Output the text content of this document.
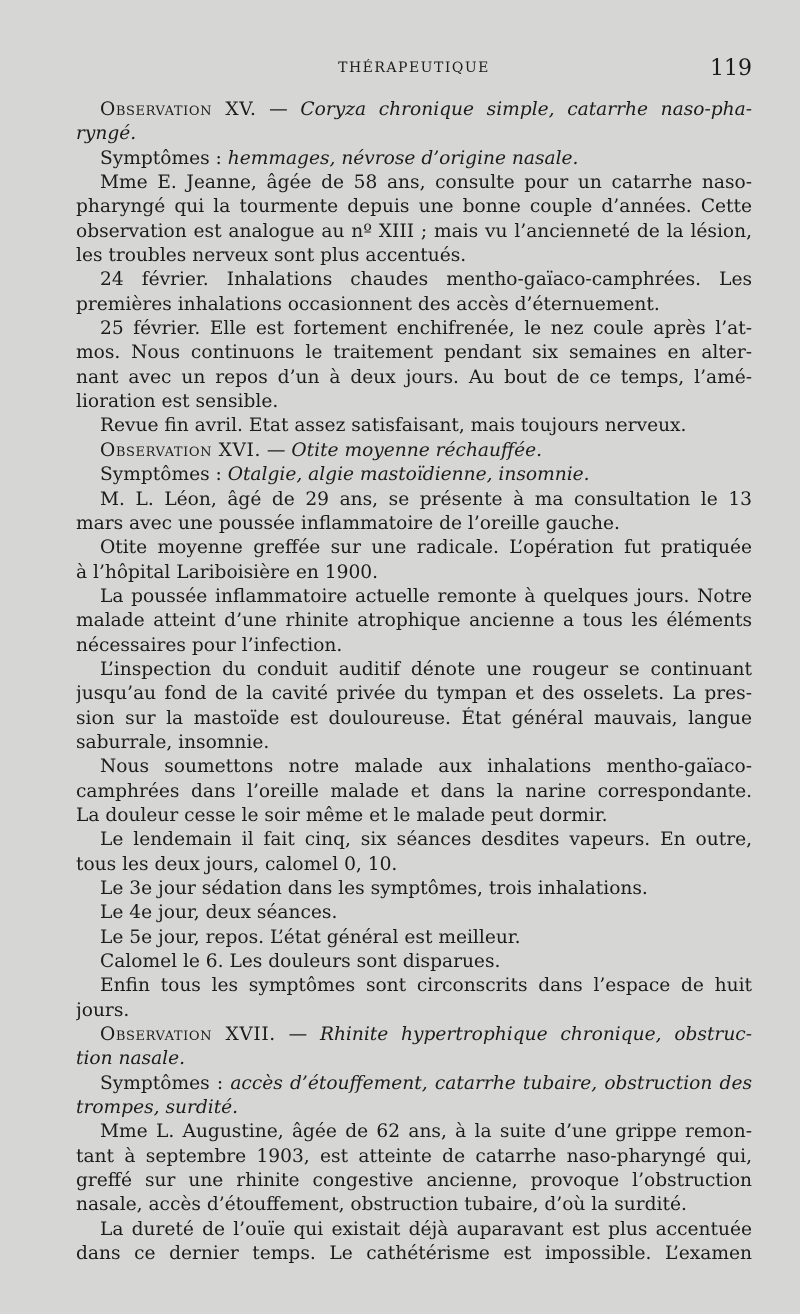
THÉRAPEUTIQUE	119
Observation XV. — Coryza chronique simple, catarrhe naso-pha-
ryngé.
Symptômes : hemmages, névrose d’origine nasale.
Mme E. Jeanne, âgée de 58 ans, consulte pour un catarrhe naso-
pharyngé qui la tourmente depuis une bonne couple d’années. Cette
observation est analogue au nº XIII ; mais vu l’ancienneté de la lésion,
les troubles nerveux sont plus accentués.
24 février. Inhalations chaudes mentho-gaïaco-camphrées. Les
premières inhalations occasionnent des accès d’éternuement.
25 février. Elle est fortement enchifrenée, le nez coule après l’at-
mos. Nous continuons le traitement pendant six semaines en alter-
nant avec un repos d’un à deux jours. Au bout de ce temps, l’amé-
lioration est sensible.
Revue fin avril. Etat assez satisfaisant, mais toujours nerveux.
Observation XVI. — Otite moyenne réchauffée.
Symptômes : Otalgie, algie mastoïdienne, insomnie.
M. L. Léon, âgé de 29 ans, se présente à ma consultation le 13
mars avec une poussée inflammatoire de l’oreille gauche.
Otite moyenne greffée sur une radicale. L’opération fut pratiquée
à l’hôpital Lariboisière en 1900.
La poussée inflammatoire actuelle remonte à quelques jours. Notre
malade atteint d’une rhinite atrophique ancienne a tous les éléments
nécessaires pour l’infection.
L’inspection du conduit auditif dénote une rougeur se continuant
jusqu’au fond de la cavité privée du tympan et des osselets. La pres-
sion sur la mastoïde est douloureuse. État général mauvais, langue
saburrale, insomnie.
Nous soumettons notre malade aux inhalations mentho-gaïaco-
camphrées dans l’oreille malade et dans la narine correspondante.
La douleur cesse le soir même et le malade peut dormir.
Le lendemain il fait cinq, six séances desdites vapeurs. En outre,
tous les deux jours, calomel 0, 10.
Le 3e jour sédation dans les symptômes, trois inhalations.
Le 4e jour, deux séances.
Le 5e jour, repos. L’état général est meilleur.
Calomel le 6. Les douleurs sont disparues.
Enfin tous les symptômes sont circonscrits dans l’espace de huit
jours.
Observation XVII. — Rhinite hypertrophique chronique, obstruc-
tion nasale.
Symptômes : accès d’étouffement, catarrhe tubaire, obstruction des
trompes, surdité.
Mme L. Augustine, âgée de 62 ans, à la suite d’une grippe remon-
tant à septembre 1903, est atteinte de catarrhe naso-pharyngé qui,
greffé sur une rhinite congestive ancienne, provoque l’obstruction
nasale, accès d’étouffement, obstruction tubaire, d’où la surdité.
La dureté de l’ouïe qui existait déjà auparavant est plus accentuée
dans ce dernier temps. Le cathétérisme est impossible. L’examen
